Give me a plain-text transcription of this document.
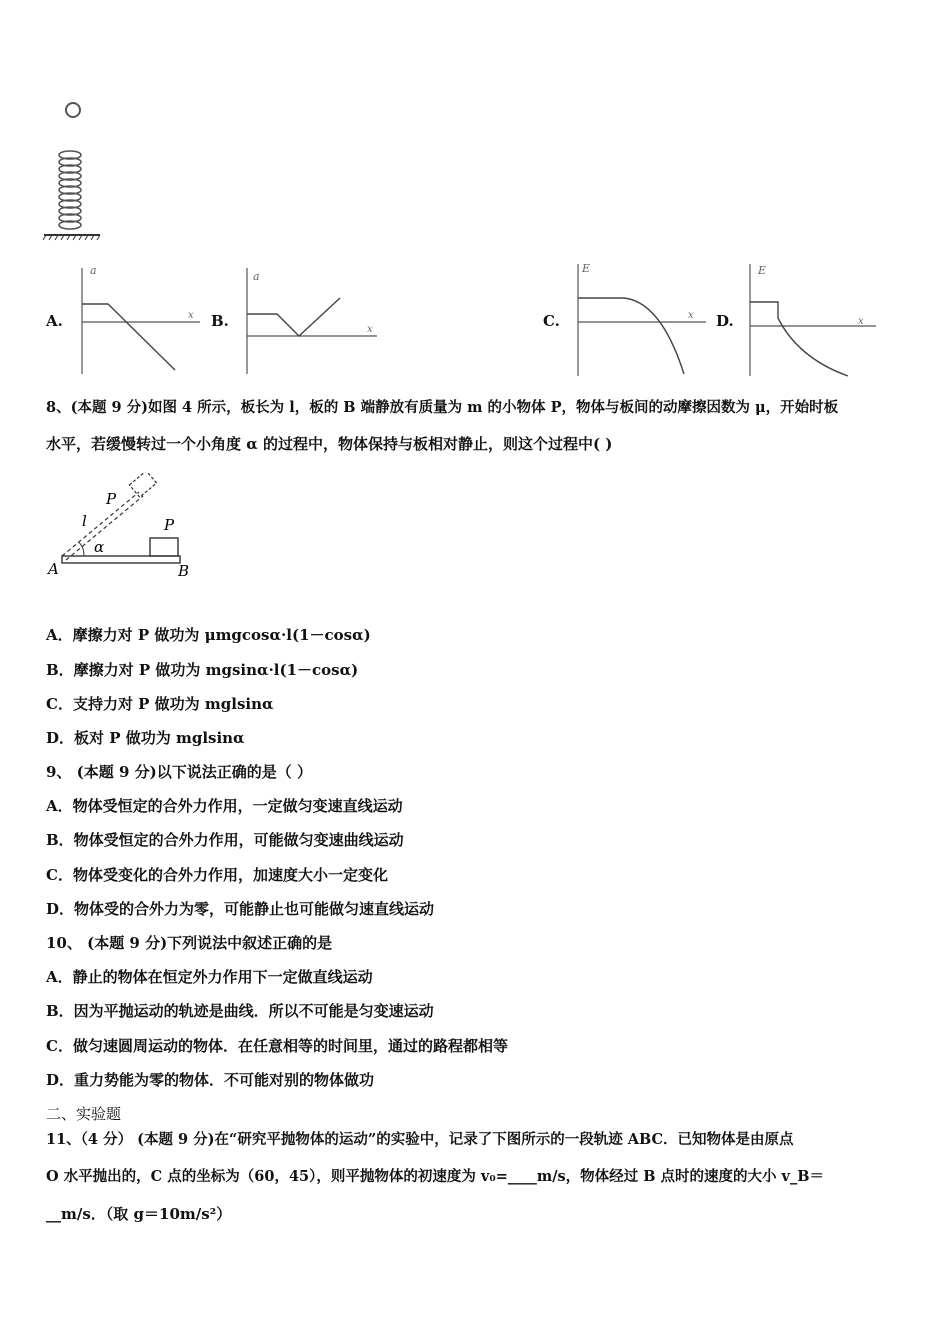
A.
a
x B.
a
x	C.
E
x D.
E
x
8、(本题 9 分)如图 4 所示，板长为 l，板的 B 端静放有质量为 m 的小物体 P，物体与板间的动摩擦因数为 μ，开始时板
水平，若缓慢转过一个小角度 α 的过程中，物体保持与板相对静止，则这个过程中( )
P
l
α
P
A	B
A．摩擦力对 P 做功为 μmgcosα·l(1－cosα)
B．摩擦力对 P 做功为 mgsinα·l(1－cosα)
C．支持力对 P 做功为 mglsinα
D．板对 P 做功为 mglsinα
9、 (本题 9 分)以下说法正确的是（ ）
A．物体受恒定的合外力作用，一定做匀变速直线运动
B．物体受恒定的合外力作用，可能做匀变速曲线运动
C．物体受变化的合外力作用，加速度大小一定变化
D．物体受的合外力为零，可能静止也可能做匀速直线运动
10、 (本题 9 分)下列说法中叙述正确的是
A．静止的物体在恒定外力作用下一定做直线运动
B．因为平抛运动的轨迹是曲线．所以不可能是匀变速运动
C．做匀速圆周运动的物体．在任意相等的时间里，通过的路程都相等
D．重力势能为零的物体．不可能对别的物体做功
二、实验题
11、（4 分） (本题 9 分)在“研究平抛物体的运动”的实验中，记录了下图所示的一段轨迹 ABC．已知物体是由原点
O 水平抛出的，C 点的坐标为（60，45），则平抛物体的初速度为 v₀=____m/s，物体经过 B 点时的速度的大小 v_B＝
__m/s．（取 g＝10m/s²）
